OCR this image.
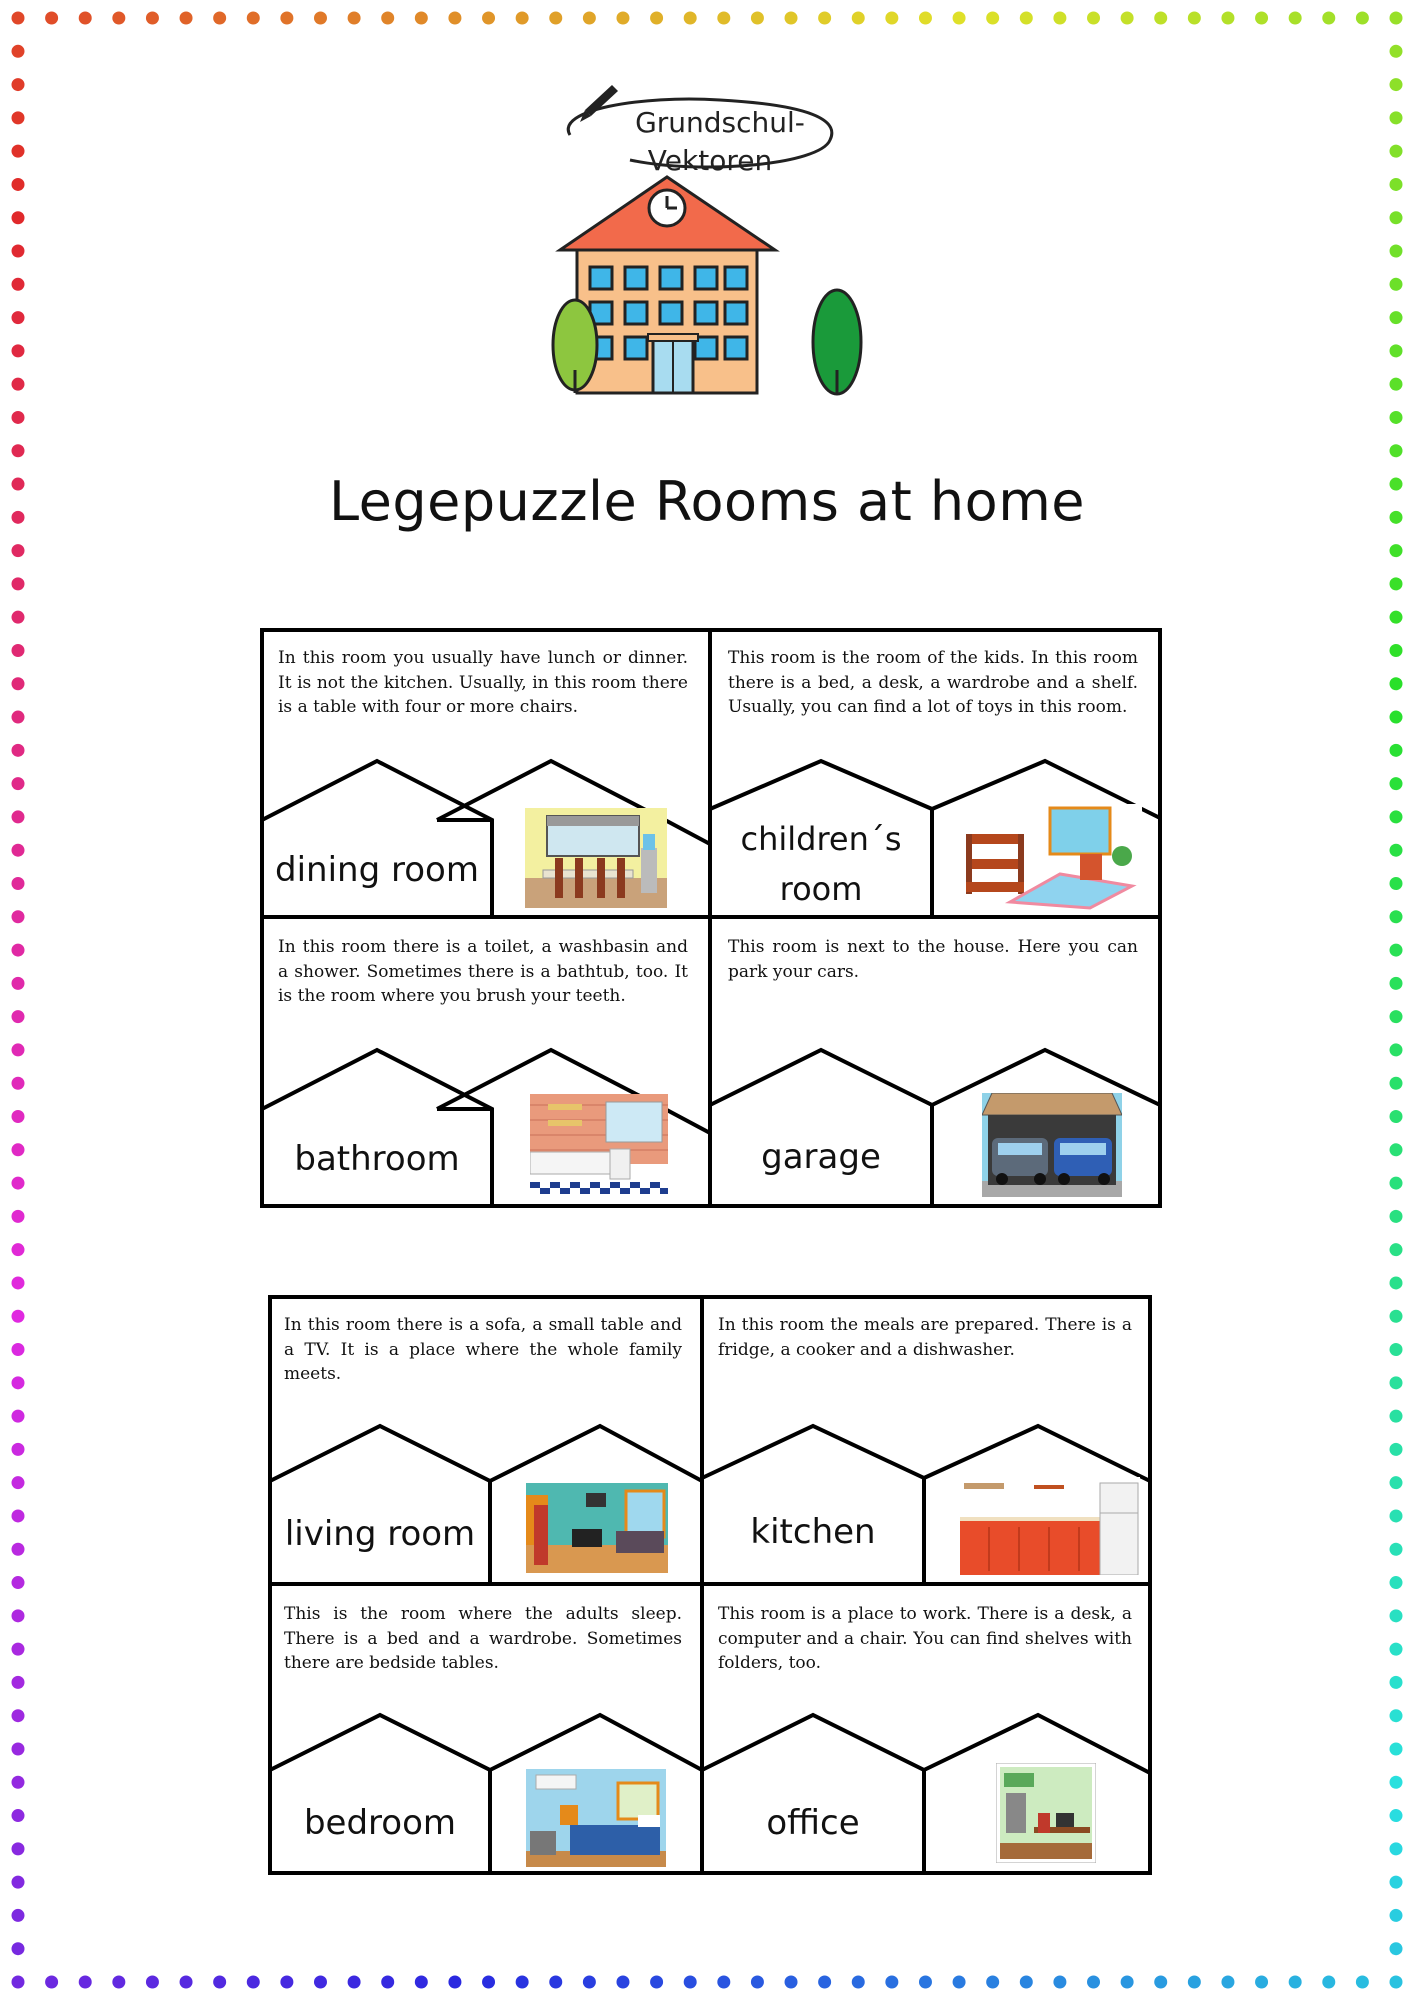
Grundschul-
Vektoren
Legepuzzle Rooms at home

In this room you usually have lunch or dinner. It is not the kitchen. Usually, in this room there is a table with four or more chairs.

This room is the room of the kids. In this room there is a bed, a desk, a wardrobe and a shelf. Usually, you can find a lot of toys in this room.

In this room there is a toilet, a washbasin and a shower. Sometimes there is a bathtub, too. It is the room where you brush your teeth.

This room is next to the house. Here you can park your cars.

dining room
children´s
room
bathroom	garage

In this room there is a sofa, a small table and a TV. It is a place where the whole family meets.

In this room the meals are prepared. There is a fridge, a cooker and a dishwasher.

This is the room where the adults sleep. There is a bed and a wardrobe. Sometimes there are bedside tables.

This room is a place to work. There is a desk, a computer and a chair. You can find shelves with folders, too.

living room	kitchen
bedroom	office
